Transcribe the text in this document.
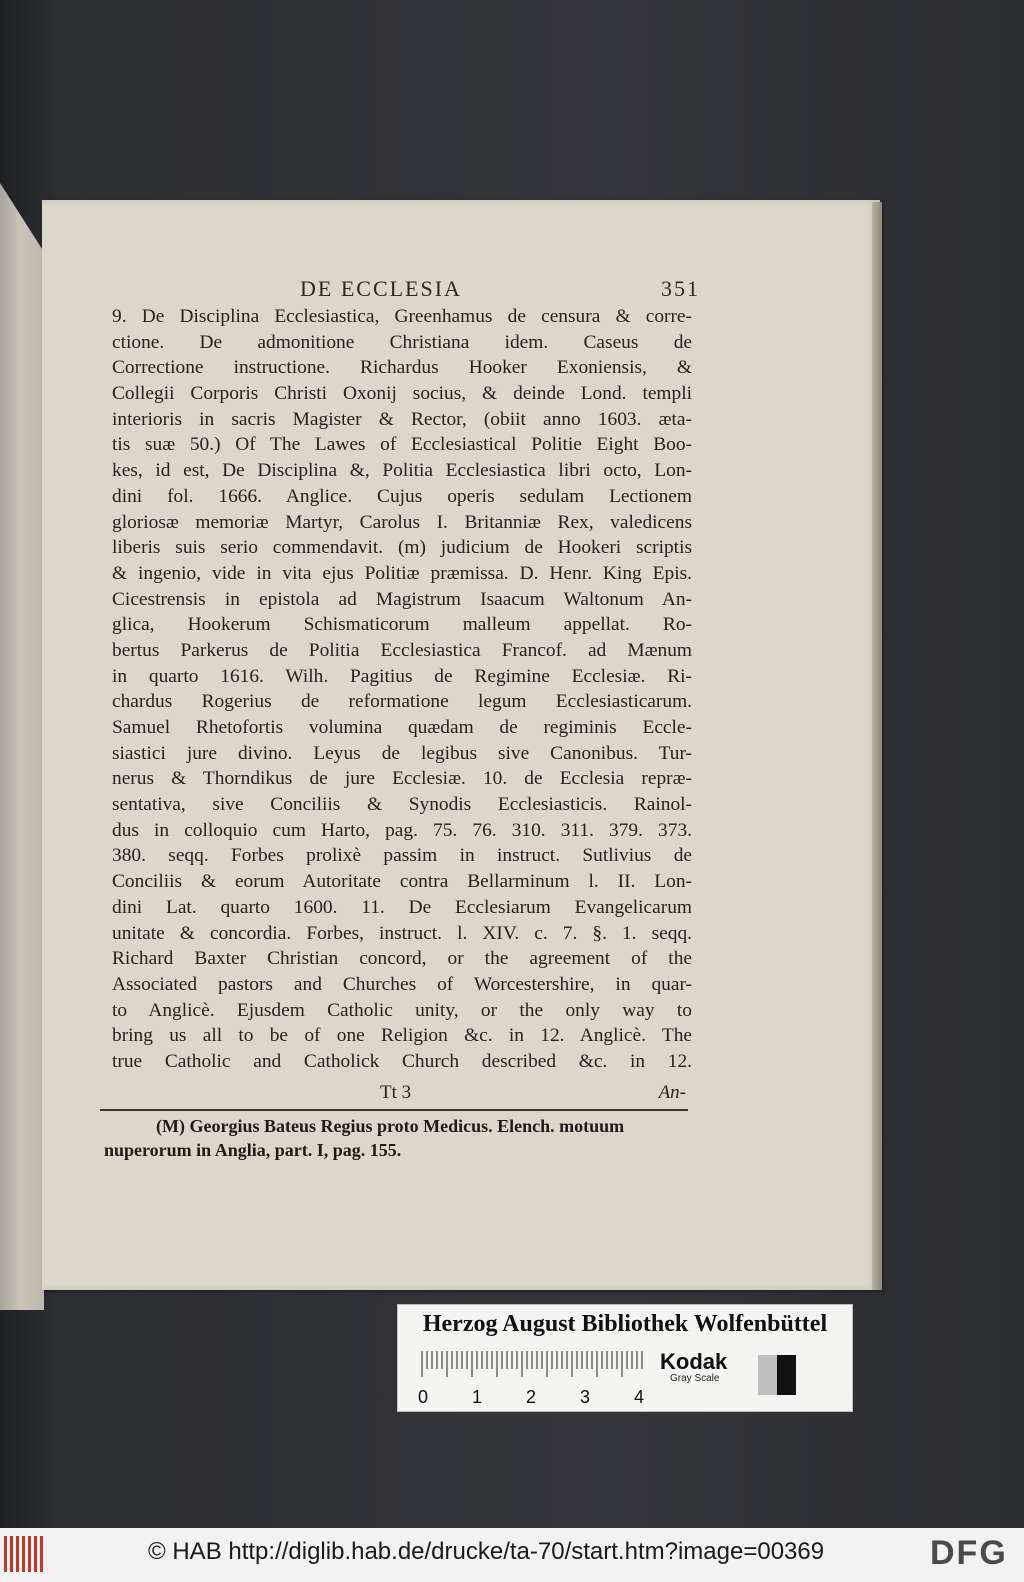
DE ECCLESIA	351
9. De Disciplina Ecclesiastica, Greenhamus de censura & corre-
ctione. De admonitione Christiana idem. Caseus de
Correctione instructione. Richardus Hooker Exoniensis, &
Collegii Corporis Christi Oxonij socius, & deinde Lond. templi
interioris in sacris Magister & Rector, (obiit anno 1603. æta-
tis suæ 50.) Of The Lawes of Ecclesiastical Politie Eight Boo-
kes, id est, De Disciplina &, Politia Ecclesiastica libri octo, Lon-
dini fol. 1666. Anglice. Cujus operis sedulam Lectionem
gloriosæ memoriæ Martyr, Carolus I. Britanniæ Rex, valedicens
liberis suis serio commendavit. (m) judicium de Hookeri scriptis
& ingenio, vide in vita ejus Politiæ præmissa. D. Henr. King Epis.
Cicestrensis in epistola ad Magistrum Isaacum Waltonum An-
glica, Hookerum Schismaticorum malleum appellat. Ro-
bertus Parkerus de Politia Ecclesiastica Francof. ad Mænum
in quarto 1616. Wilh. Pagitius de Regimine Ecclesiæ. Ri-
chardus Rogerius de reformatione legum Ecclesiasticarum.
Samuel Rhetofortis volumina quædam de regiminis Eccle-
siastici jure divino. Leyus de legibus sive Canonibus. Tur-
nerus & Thorndikus de jure Ecclesiæ. 10. de Ecclesia repræ-
sentativa, sive Conciliis & Synodis Ecclesiasticis. Rainol-
dus in colloquio cum Harto, pag. 75. 76. 310. 311. 379. 373.
380. seqq. Forbes prolixè passim in instruct. Sutlivius de
Conciliis & eorum Autoritate contra Bellarminum l. II. Lon-
dini Lat. quarto 1600. 11. De Ecclesiarum Evangelicarum
unitate & concordia. Forbes, instruct. l. XIV. c. 7. §. 1. seqq.
Richard Baxter Christian concord, or the agreement of the
Associated pastors and Churches of Worcestershire, in quar-
to Anglicè. Ejusdem Catholic unity, or the only way to
bring us all to be of one Religion &c. in 12. Anglicè. The
true Catholic and Catholick Church described &c. in 12.
Tt 3	An-
(M) Georgius Bateus Regius proto Medicus. Elench. motuum
nuperorum in Anglia, part. I, pag. 155.
Herzog August Bibliothek Wolfenbüttel
0 1 2 3 4
Kodak
Gray Scale
© HAB http://diglib.hab.de/drucke/ta-70/start.htm?image=00369	DFG
